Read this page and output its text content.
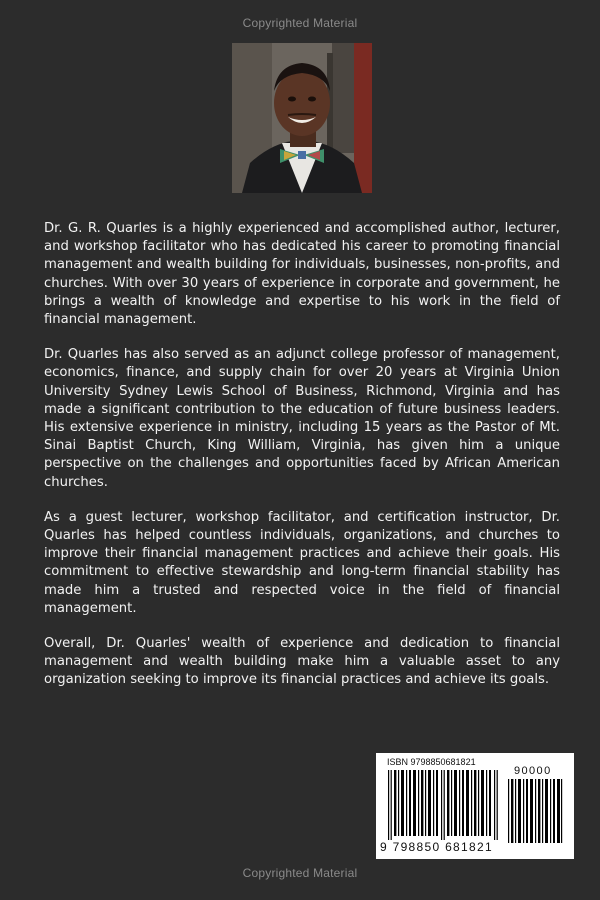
Copyrighted Material

Dr. G. R. Quarles is a highly experienced and accomplished author, lecturer, and workshop facilitator who has dedicated his career to promoting financial management and wealth building for individuals, businesses, non-profits, and churches. With over 30 years of experience in corporate and government, he brings a wealth of knowledge and expertise to his work in the field of financial management.

Dr. Quarles has also served as an adjunct college professor of management, economics, finance, and supply chain for over 20 years at Virginia Union University Sydney Lewis School of Business, Richmond, Virginia and has made a significant contribution to the education of future business leaders. His extensive experience in ministry, including 15 years as the Pastor of Mt. Sinai Baptist Church, King William, Virginia, has given him a unique perspective on the challenges and opportunities faced by African American churches.

As a guest lecturer, workshop facilitator, and certification instructor, Dr. Quarles has helped countless individuals, organizations, and churches to improve their financial management practices and achieve their goals. His commitment to effective stewardship and long-term financial stability has made him a trusted and respected voice in the field of financial management.

Overall, Dr. Quarles' wealth of experience and dedication to financial management and wealth building make him a valuable asset to any organization seeking to improve its financial practices and achieve its goals.

ISBN 9798850681821
90000
9 798850 681821
Copyrighted Material
